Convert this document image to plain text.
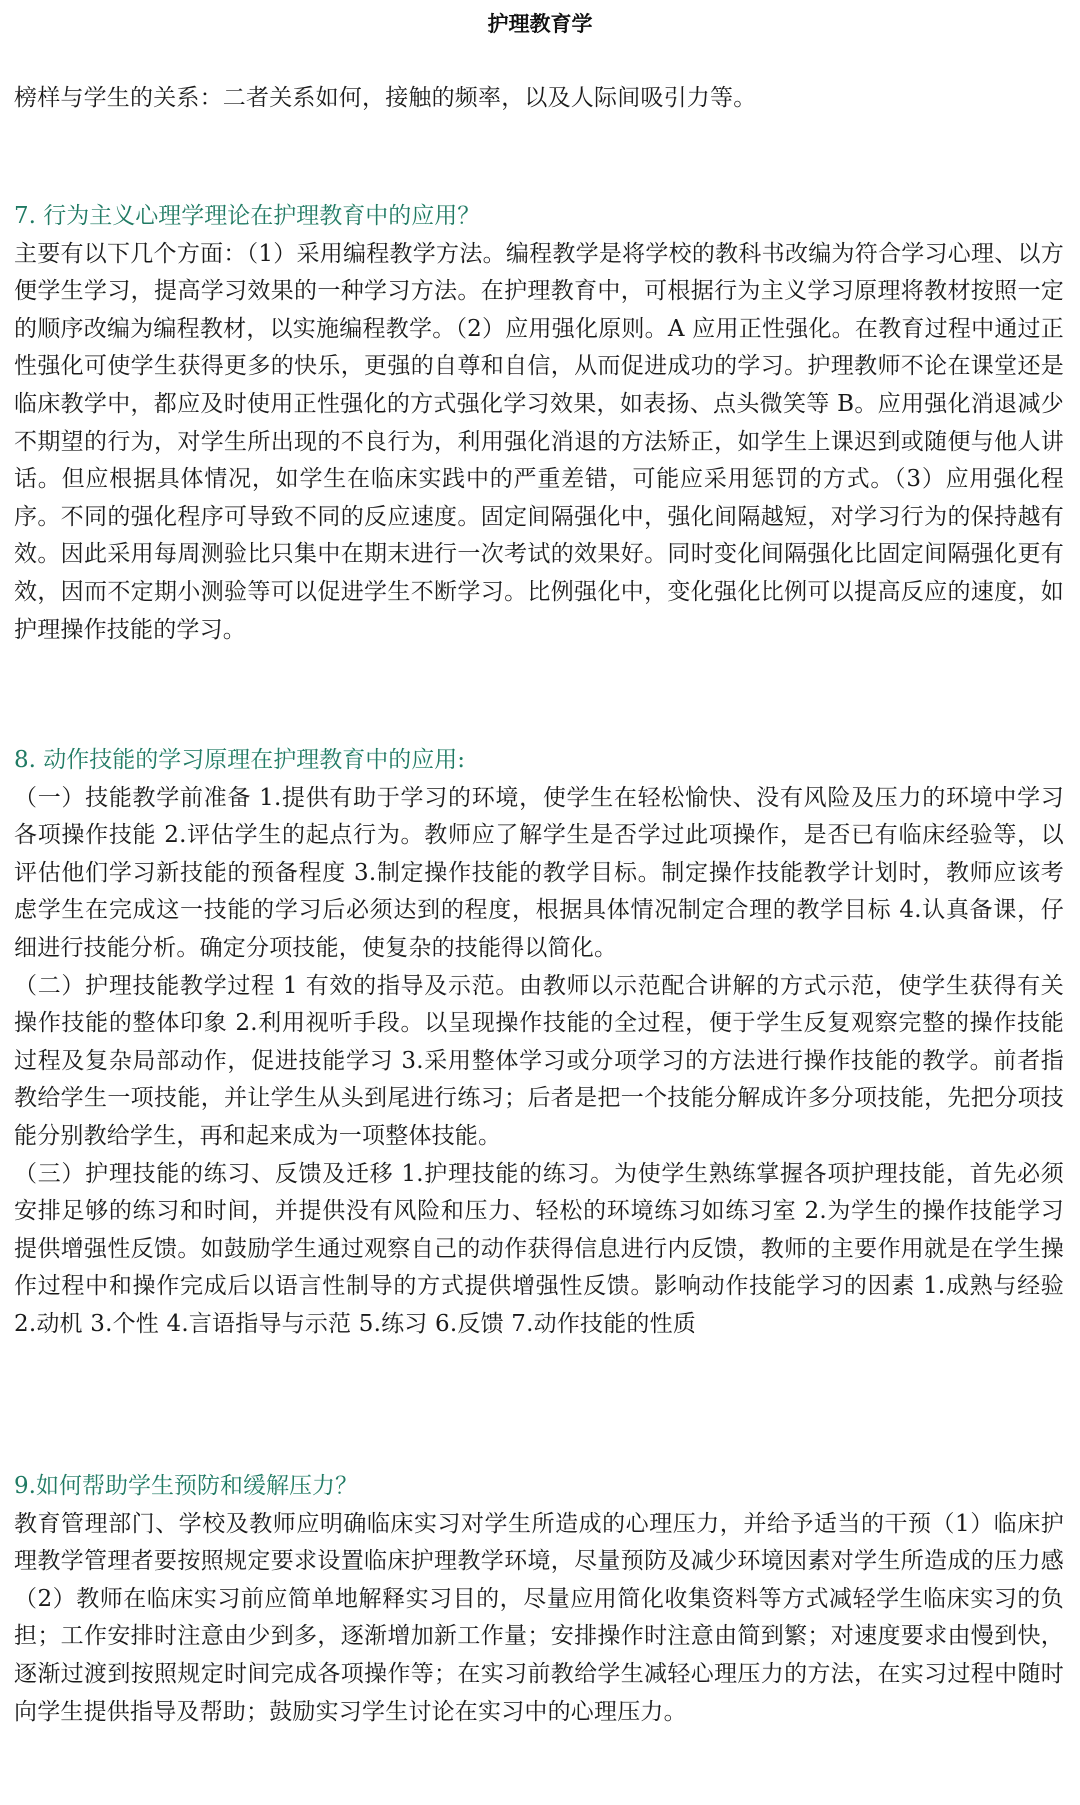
护理教育学

榜样与学生的关系：二者关系如何，接触的频率，以及人际间吸引力等。

7. 行为主义心理学理论在护理教育中的应用？

主要有以下几个方面：（1）采用编程教学方法。编程教学是将学校的教科书改编为符合学习心理、以方便学生学习，提高学习效果的一种学习方法。在护理教育中，可根据行为主义学习原理将教材按照一定的顺序改编为编程教材，以实施编程教学。（2）应用强化原则。A 应用正性强化。在教育过程中通过正性强化可使学生获得更多的快乐，更强的自尊和自信，从而促进成功的学习。护理教师不论在课堂还是临床教学中，都应及时使用正性强化的方式强化学习效果，如表扬、点头微笑等 B。应用强化消退减少不期望的行为，对学生所出现的不良行为，利用强化消退的方法矫正，如学生上课迟到或随便与他人讲话。但应根据具体情况，如学生在临床实践中的严重差错，可能应采用惩罚的方式。（3）应用强化程序。不同的强化程序可导致不同的反应速度。固定间隔强化中，强化间隔越短，对学习行为的保持越有效。因此采用每周测验比只集中在期末进行一次考试的效果好。同时变化间隔强化比固定间隔强化更有效，因而不定期小测验等可以促进学生不断学习。比例强化中，变化强化比例可以提高反应的速度，如护理操作技能的学习。

8. 动作技能的学习原理在护理教育中的应用:

（一）技能教学前准备 1.提供有助于学习的环境，使学生在轻松愉快、没有风险及压力的环境中学习各项操作技能 2.评估学生的起点行为。教师应了解学生是否学过此项操作，是否已有临床经验等，以评估他们学习新技能的预备程度 3.制定操作技能的教学目标。制定操作技能教学计划时，教师应该考虑学生在完成这一技能的学习后必须达到的程度，根据具体情况制定合理的教学目标 4.认真备课，仔细进行技能分析。确定分项技能，使复杂的技能得以简化。

（二）护理技能教学过程 1 有效的指导及示范。由教师以示范配合讲解的方式示范，使学生获得有关操作技能的整体印象 2.利用视听手段。以呈现操作技能的全过程，便于学生反复观察完整的操作技能过程及复杂局部动作，促进技能学习 3.采用整体学习或分项学习的方法进行操作技能的教学。前者指教给学生一项技能，并让学生从头到尾进行练习；后者是把一个技能分解成许多分项技能，先把分项技能分别教给学生，再和起来成为一项整体技能。

（三）护理技能的练习、反馈及迁移 1.护理技能的练习。为使学生熟练掌握各项护理技能，首先必须安排足够的练习和时间，并提供没有风险和压力、轻松的环境练习如练习室 2.为学生的操作技能学习提供增强性反馈。如鼓励学生通过观察自己的动作获得信息进行内反馈，教师的主要作用就是在学生操作过程中和操作完成后以语言性制导的方式提供增强性反馈。影响动作技能学习的因素 1.成熟与经验 2.动机 3.个性 4.言语指导与示范 5.练习 6.反馈 7.动作技能的性质

9.如何帮助学生预防和缓解压力？

教育管理部门、学校及教师应明确临床实习对学生所造成的心理压力，并给予适当的干预（1）临床护理教学管理者要按照规定要求设置临床护理教学环境，尽量预防及减少环境因素对学生所造成的压力感（2）教师在临床实习前应简单地解释实习目的，尽量应用简化收集资料等方式减轻学生临床实习的负担；工作安排时注意由少到多，逐渐增加新工作量；安排操作时注意由简到繁；对速度要求由慢到快，逐渐过渡到按照规定时间完成各项操作等；在实习前教给学生减轻心理压力的方法，在实习过程中随时向学生提供指导及帮助；鼓励实习学生讨论在实习中的心理压力。
